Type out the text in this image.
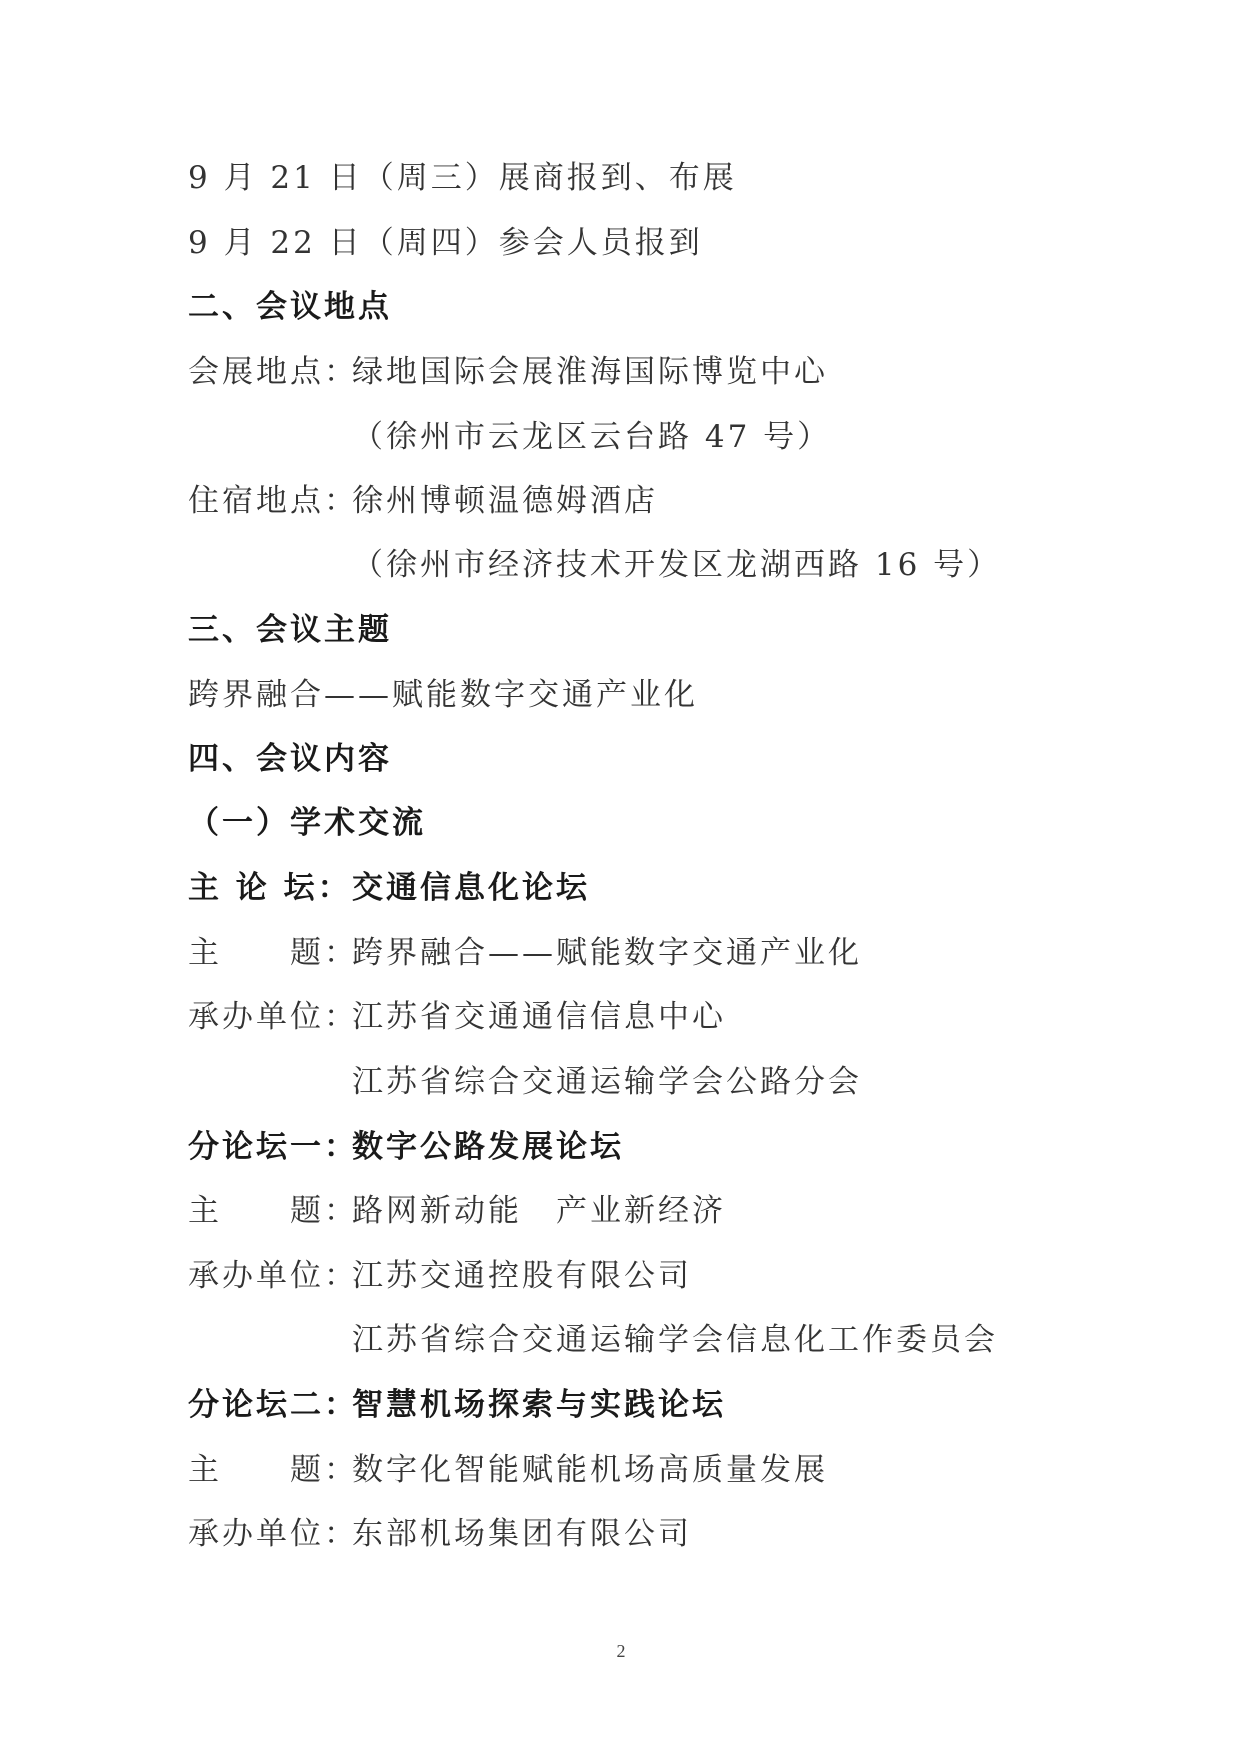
9 月 21 日（周三）展商报到、布展
9 月 22 日（周四）参会人员报到
二、会议地点
会展地点：绿地国际会展淮海国际博览中心
（徐州市云龙区云台路 47 号）
住宿地点：徐州博顿温德姆酒店
（徐州市经济技术开发区龙湖西路 16 号）
三、会议主题
跨界融合——赋能数字交通产业化
四、会议内容
（一）学术交流
主 论 坛：交通信息化论坛
主　　题：跨界融合——赋能数字交通产业化
承办单位：江苏省交通通信信息中心
江苏省综合交通运输学会公路分会
分论坛一：数字公路发展论坛
主　　题：路网新动能　产业新经济
承办单位：江苏交通控股有限公司
江苏省综合交通运输学会信息化工作委员会
分论坛二：智慧机场探索与实践论坛
主　　题：数字化智能赋能机场高质量发展
承办单位：东部机场集团有限公司
2
